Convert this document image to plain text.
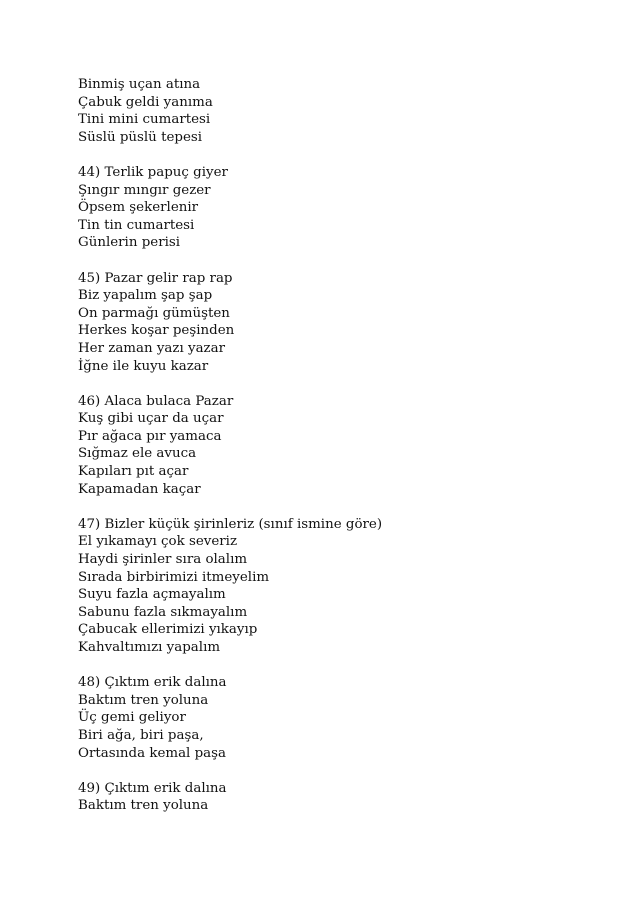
Binmiş uçan atına
Çabuk geldi yanıma
Tini mini cumartesi
Süslü püslü tepesi
44) Terlik papuç giyer
Şıngır mıngır gezer
Öpsem şekerlenir
Tin tin cumartesi
Günlerin perisi
45) Pazar gelir rap rap
Biz yapalım şap şap
On parmağı gümüşten
Herkes koşar peşinden
Her zaman yazı yazar
İğne ile kuyu kazar
46) Alaca bulaca Pazar
Kuş gibi uçar da uçar
Pır ağaca pır yamaca
Sığmaz ele avuca
Kapıları pıt açar
Kapamadan kaçar
47) Bizler küçük şirinleriz (sınıf ismine göre)
El yıkamayı çok severiz
Haydi şirinler sıra olalım
Sırada birbirimizi itmeyelim
Suyu fazla açmayalım
Sabunu fazla sıkmayalım
Çabucak ellerimizi yıkayıp
Kahvaltımızı yapalım
48) Çıktım erik dalına
Baktım tren yoluna
Üç gemi geliyor
Biri ağa, biri paşa,
Ortasında kemal paşa
49) Çıktım erik dalına
Baktım tren yoluna
